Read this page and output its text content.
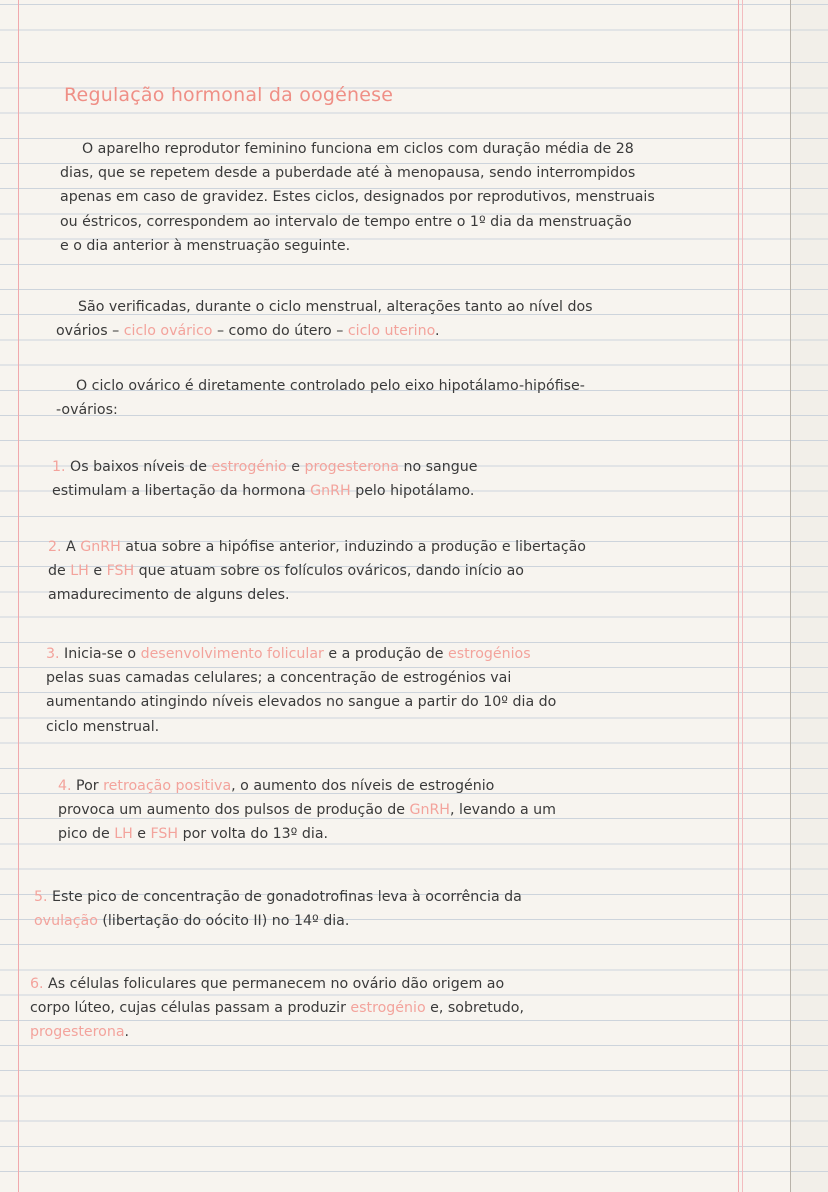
Regulação hormonal da oogénese
O aparelho reprodutor feminino funciona em ciclos com duração média de 28
dias, que se repetem desde a puberdade até à menopausa, sendo interrompidos
apenas em caso de gravidez. Estes ciclos, designados por reprodutivos, menstruais
ou éstricos, correspondem ao intervalo de tempo entre o 1º dia da menstruação
e o dia anterior à menstruação seguinte.
São verificadas, durante o ciclo menstrual, alterações tanto ao nível dos
ovários – ciclo ovárico – como do útero – ciclo uterino.
O ciclo ovárico é diretamente controlado pelo eixo hipotálamo-hipófise-
-ovários:
1. Os baixos níveis de estrogénio e progesterona no sangue
estimulam a libertação da hormona GnRH pelo hipotálamo.
2. A GnRH atua sobre a hipófise anterior, induzindo a produção e libertação
de LH e FSH que atuam sobre os folículos ováricos, dando início ao
amadurecimento de alguns deles.
3. Inicia-se o desenvolvimento folicular e a produção de estrogénios
pelas suas camadas celulares; a concentração de estrogénios vai
aumentando atingindo níveis elevados no sangue a partir do 10º dia do
ciclo menstrual.
4. Por retroação positiva, o aumento dos níveis de estrogénio
provoca um aumento dos pulsos de produção de GnRH, levando a um
pico de LH e FSH por volta do 13º dia.
5. Este pico de concentração de gonadotrofinas leva à ocorrência da
ovulação (libertação do oócito II) no 14º dia.
6. As células foliculares que permanecem no ovário dão origem ao
corpo lúteo, cujas células passam a produzir estrogénio e, sobretudo,
progesterona.
